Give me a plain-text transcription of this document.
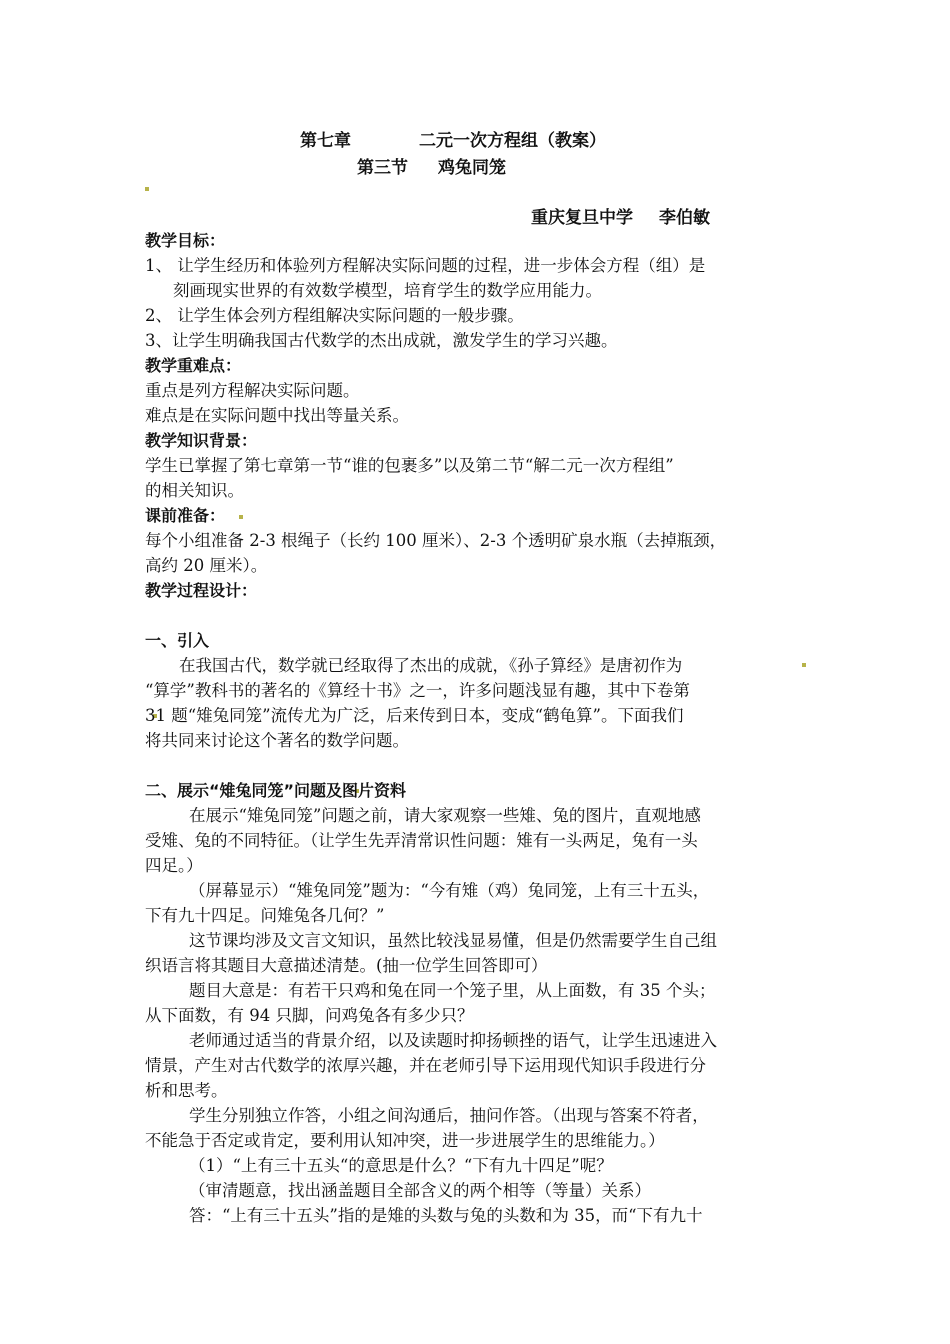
第七章	二元一次方程组（教案）
第三节 鸡兔同笼
重庆复旦中学 李伯敏
教学目标：

1、 让学生经历和体验列方程解决实际问题的过程，进一步体会方程（组）是

刻画现实世界的有效数学模型，培育学生的数学应用能力。

2、 让学生体会列方程组解决实际问题的一般步骤。

3、让学生明确我国古代数学的杰出成就，激发学生的学习兴趣。

教学重难点：

重点是列方程解决实际问题。

难点是在实际问题中找出等量关系。

教学知识背景：

学生已掌握了第七章第一节“谁的包裹多”以及第二节“解二元一次方程组”

的相关知识。

课前准备：

每个小组准备 2-3 根绳子（长约 100 厘米）、2-3 个透明矿泉水瓶（去掉瓶颈，

高约 20 厘米）。

教学过程设计：
一、引入

在我国古代，数学就已经取得了杰出的成就，《孙子算经》是唐初作为

“算学”教科书的著名的《算经十书》之一，许多问题浅显有趣，其中下卷第

31 题“雉兔同笼”流传尤为广泛，后来传到日本，变成“鹤龟算”。下面我们

将共同来讨论这个著名的数学问题。

二、展示“雉兔同笼”问题及图片资料

在展示“雉兔同笼”问题之前，请大家观察一些雉、兔的图片，直观地感

受雉、兔的不同特征。（让学生先弄清常识性问题：雉有一头两足，兔有一头

四足。）

（屏幕显示）“雉兔同笼”题为：“今有雉（鸡）兔同笼，上有三十五头，

下有九十四足。问雉兔各几何？”

这节课均涉及文言文知识，虽然比较浅显易懂，但是仍然需要学生自己组

织语言将其题目大意描述清楚。(抽一位学生回答即可）

题目大意是：有若干只鸡和兔在同一个笼子里，从上面数，有 35 个头；

从下面数，有 94 只脚，问鸡兔各有多少只？

老师通过适当的背景介绍，以及读题时抑扬顿挫的语气，让学生迅速进入

情景，产生对古代数学的浓厚兴趣，并在老师引导下运用现代知识手段进行分

析和思考。

学生分别独立作答，小组之间沟通后，抽问作答。（出现与答案不符者，

不能急于否定或肯定，要利用认知冲突，进一步进展学生的思维能力。）

（1）“上有三十五头“的意思是什么？“下有九十四足”呢？

（审清题意，找出涵盖题目全部含义的两个相等（等量）关系）

答：“上有三十五头”指的是雉的头数与兔的头数和为 35，而“下有九十
